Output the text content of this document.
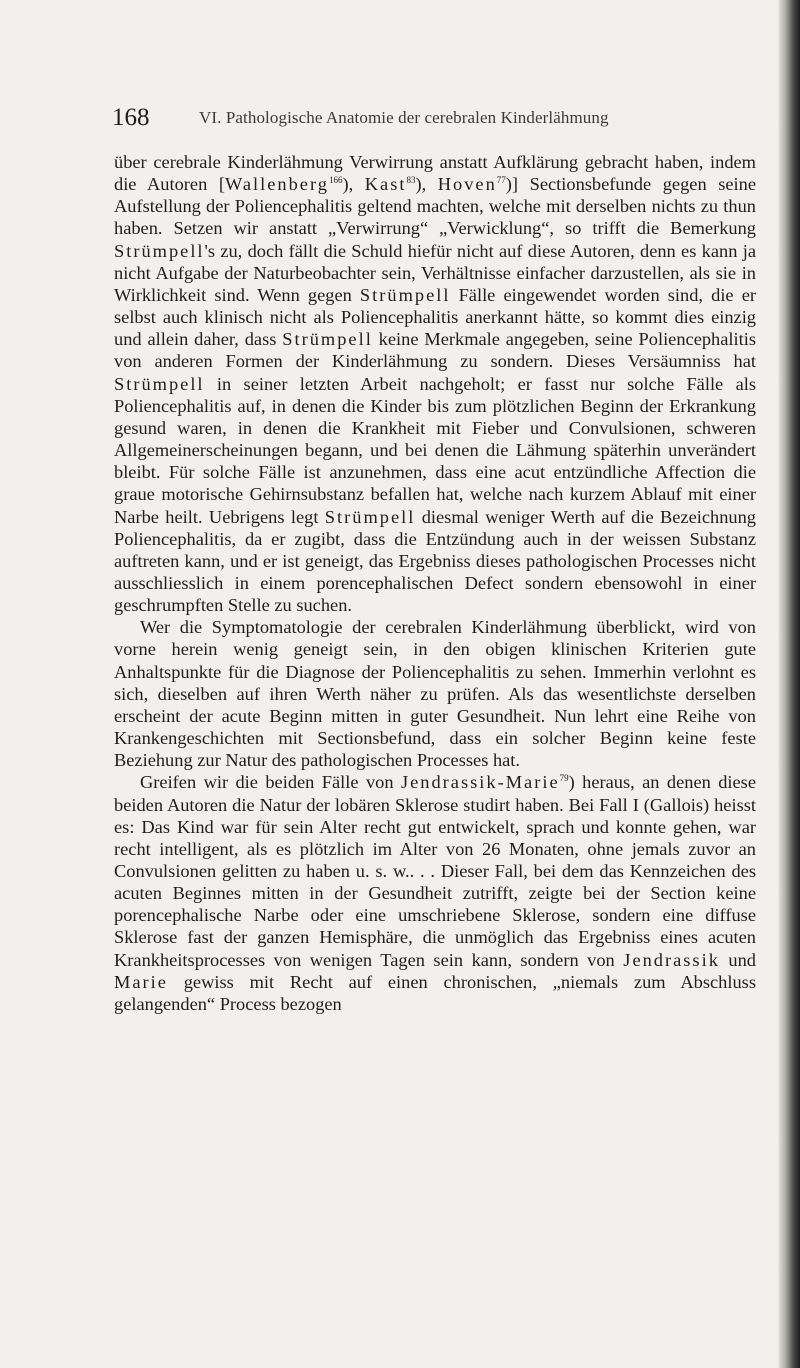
168	VI. Pathologische Anatomie der cerebralen Kinderlähmung

über cerebrale Kinderlähmung Verwirrung anstatt Aufklärung gebracht haben, indem die Autoren [Wallenberg$^{166}$), Kast$^{83}$), Hoven$^{77}$)] Sectionsbefunde gegen seine Aufstellung der Poliencephalitis geltend machten, welche mit derselben nichts zu thun haben. Setzen wir anstatt „Verwirrung“ „Verwicklung“, so trifft die Bemerkung Strümpell's zu, doch fällt die Schuld hiefür nicht auf diese Autoren, denn es kann ja nicht Aufgabe der Naturbeobachter sein, Verhältnisse einfacher darzustellen, als sie in Wirklichkeit sind. Wenn gegen Strümpell Fälle eingewendet worden sind, die er selbst auch klinisch nicht als Poliencephalitis anerkannt hätte, so kommt dies einzig und allein daher, dass Strümpell keine Merkmale angegeben, seine Poliencephalitis von anderen Formen der Kinderlähmung zu sondern. Dieses Versäumniss hat Strümpell in seiner letzten Arbeit nachgeholt; er fasst nur solche Fälle als Poliencephalitis auf, in denen die Kinder bis zum plötzlichen Beginn der Erkrankung gesund waren, in denen die Krankheit mit Fieber und Convulsionen, schweren Allgemeinerscheinungen begann, und bei denen die Lähmung späterhin unverändert bleibt. Für solche Fälle ist anzunehmen, dass eine acut entzündliche Affection die graue motorische Gehirnsubstanz befallen hat, welche nach kurzem Ablauf mit einer Narbe heilt. Uebrigens legt Strümpell diesmal weniger Werth auf die Bezeichnung Poliencephalitis, da er zugibt, dass die Entzündung auch in der weissen Substanz auftreten kann, und er ist geneigt, das Ergebniss dieses pathologischen Processes nicht ausschliesslich in einem porencephalischen Defect sondern ebensowohl in einer geschrumpften Stelle zu suchen.

Wer die Symptomatologie der cerebralen Kinderlähmung überblickt, wird von vorne herein wenig geneigt sein, in den obigen klinischen Kriterien gute Anhaltspunkte für die Diagnose der Poliencephalitis zu sehen. Immerhin verlohnt es sich, dieselben auf ihren Werth näher zu prüfen. Als das wesentlichste derselben erscheint der acute Beginn mitten in guter Gesundheit. Nun lehrt eine Reihe von Krankengeschichten mit Sectionsbefund, dass ein solcher Beginn keine feste Beziehung zur Natur des pathologischen Processes hat.

Greifen wir die beiden Fälle von Jendrassik-Marie$^{79}$) heraus, an denen diese beiden Autoren die Natur der lobären Sklerose studirt haben. Bei Fall I (Gallois) heisst es: Das Kind war für sein Alter recht gut entwickelt, sprach und konnte gehen, war recht intelligent, als es plötzlich im Alter von 26 Monaten, ohne jemals zuvor an Convulsionen gelitten zu haben u. s. w.. . . Dieser Fall, bei dem das Kennzeichen des acuten Beginnes mitten in der Gesundheit zutrifft, zeigte bei der Section keine porencephalische Narbe oder eine umschriebene Sklerose, sondern eine diffuse Sklerose fast der ganzen Hemisphäre, die unmöglich das Ergebniss eines acuten Krankheitsprocesses von wenigen Tagen sein kann, sondern von Jendrassik und Marie gewiss mit Recht auf einen chronischen, „niemals zum Abschluss gelangenden“ Process bezogen
